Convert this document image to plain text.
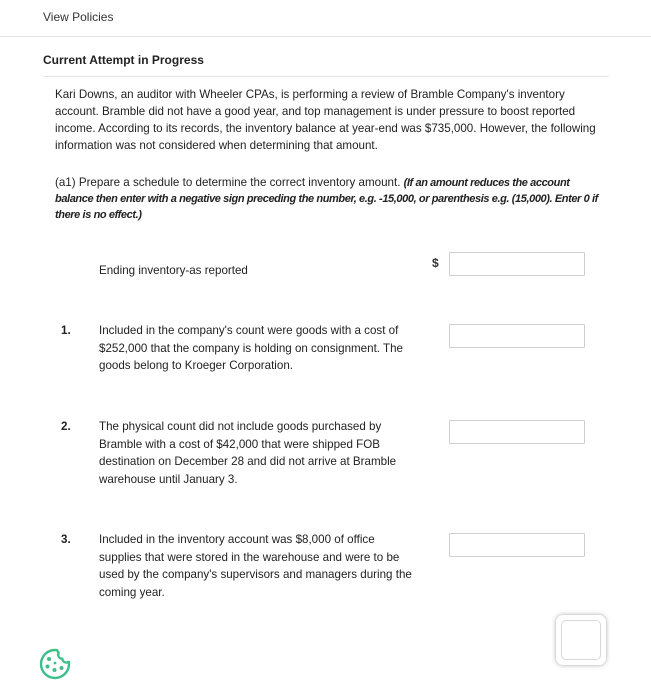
View Policies
Current Attempt in Progress
Kari Downs, an auditor with Wheeler CPAs, is performing a review of Bramble Company's inventory account. Bramble did not have a good year, and top management is under pressure to boost reported income. According to its records, the inventory balance at year-end was $735,000. However, the following information was not considered when determining that amount.
(a1) Prepare a schedule to determine the correct inventory amount. (If an amount reduces the account balance then enter with a negative sign preceding the number, e.g. -15,000, or parenthesis e.g. (15,000). Enter 0 if there is no effect.)
Ending inventory-as reported
$
1. Included in the company's count were goods with a cost of $252,000 that the company is holding on consignment. The goods belong to Kroeger Corporation.
2. The physical count did not include goods purchased by Bramble with a cost of $42,000 that were shipped FOB destination on December 28 and did not arrive at Bramble warehouse until January 3.
3. Included in the inventory account was $8,000 of office supplies that were stored in the warehouse and were to be used by the company's supervisors and managers during the coming year.
